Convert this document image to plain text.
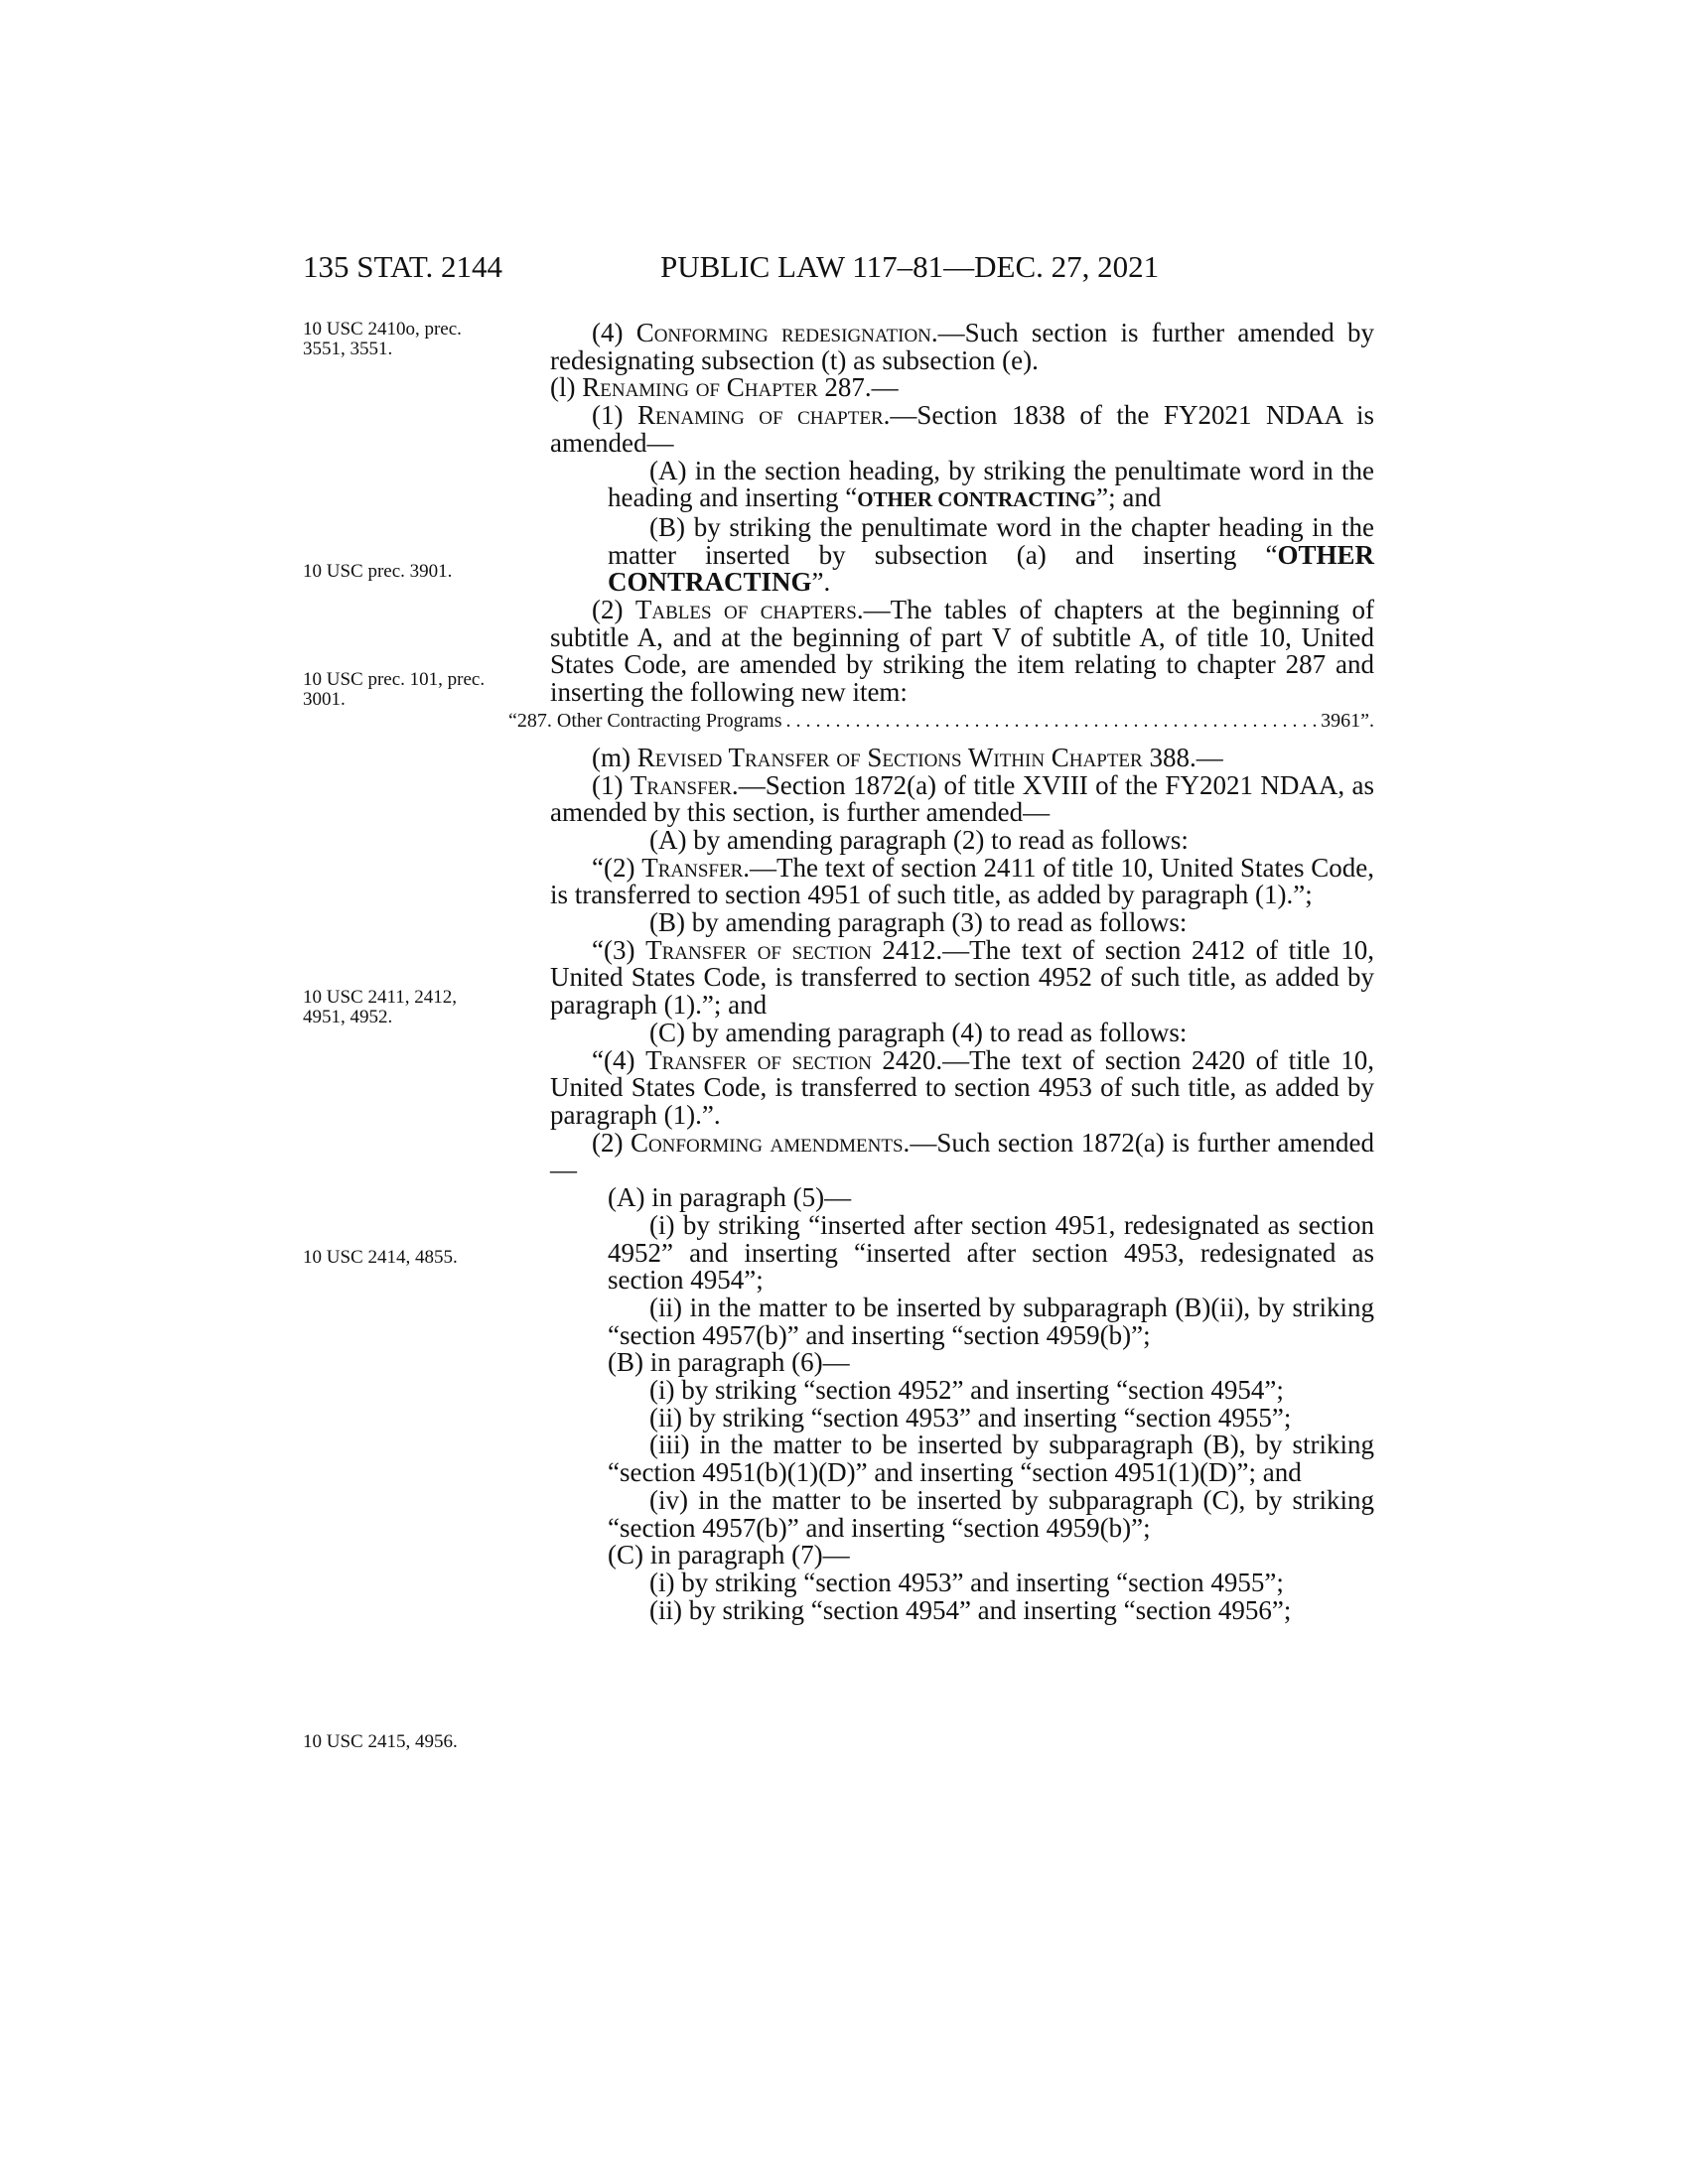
135 STAT. 2144	PUBLIC LAW 117–81—DEC. 27, 2021
10 USC 2410o, prec. 3551, 3551.
10 USC prec. 3901.
10 USC prec. 101, prec. 3001.
10 USC 2411, 2412, 4951, 4952.
10 USC 2414, 4855.
10 USC 2415, 4956.

(4) Conforming redesignation.—Such section is further amended by redesignating subsection (t) as subsection (e).

(l) Renaming of Chapter 287.—

(1) Renaming of chapter.—Section 1838 of the FY2021 NDAA is amended—

(A) in the section heading, by striking the penultimate word in the heading and inserting “OTHER CONTRACTING”; and

(B) by striking the penultimate word in the chapter heading in the matter inserted by subsection (a) and inserting “OTHER CONTRACTING”.

(2) Tables of chapters.—The tables of chapters at the beginning of subtitle A, and at the beginning of part V of subtitle A, of title 10, United States Code, are amended by striking the item relating to chapter 287 and inserting the following new item:

“287. Other Contracting Programs
. . .	3961”.

(m) Revised Transfer of Sections Within Chapter 388.—

(1) Transfer.—Section 1872(a) of title XVIII of the FY2021 NDAA, as amended by this section, is further amended—

(A) by amending paragraph (2) to read as follows:

“(2) Transfer.—The text of section 2411 of title 10, United States Code, is transferred to section 4951 of such title, as added by paragraph (1).”;

(B) by amending paragraph (3) to read as follows:

“(3) Transfer of section 2412.—The text of section 2412 of title 10, United States Code, is transferred to section 4952 of such title, as added by paragraph (1).”; and

(C) by amending paragraph (4) to read as follows:

“(4) Transfer of section 2420.—The text of section 2420 of title 10, United States Code, is transferred to section 4953 of such title, as added by paragraph (1).”.

(2) Conforming amendments.—Such section 1872(a) is further amended—

(A) in paragraph (5)—

(i) by striking “inserted after section 4951, redesignated as section 4952” and inserting “inserted after section 4953, redesignated as section 4954”;

(ii) in the matter to be inserted by subparagraph (B)(ii), by striking “section 4957(b)” and inserting “section 4959(b)”;

(B) in paragraph (6)—

(i) by striking “section 4952” and inserting “section 4954”;

(ii) by striking “section 4953” and inserting “section 4955”;

(iii) in the matter to be inserted by subparagraph (B), by striking “section 4951(b)(1)(D)” and inserting “section 4951(1)(D)”; and

(iv) in the matter to be inserted by subparagraph (C), by striking “section 4957(b)” and inserting “section 4959(b)”;

(C) in paragraph (7)—

(i) by striking “section 4953” and inserting “section 4955”;

(ii) by striking “section 4954” and inserting “section 4956”;
